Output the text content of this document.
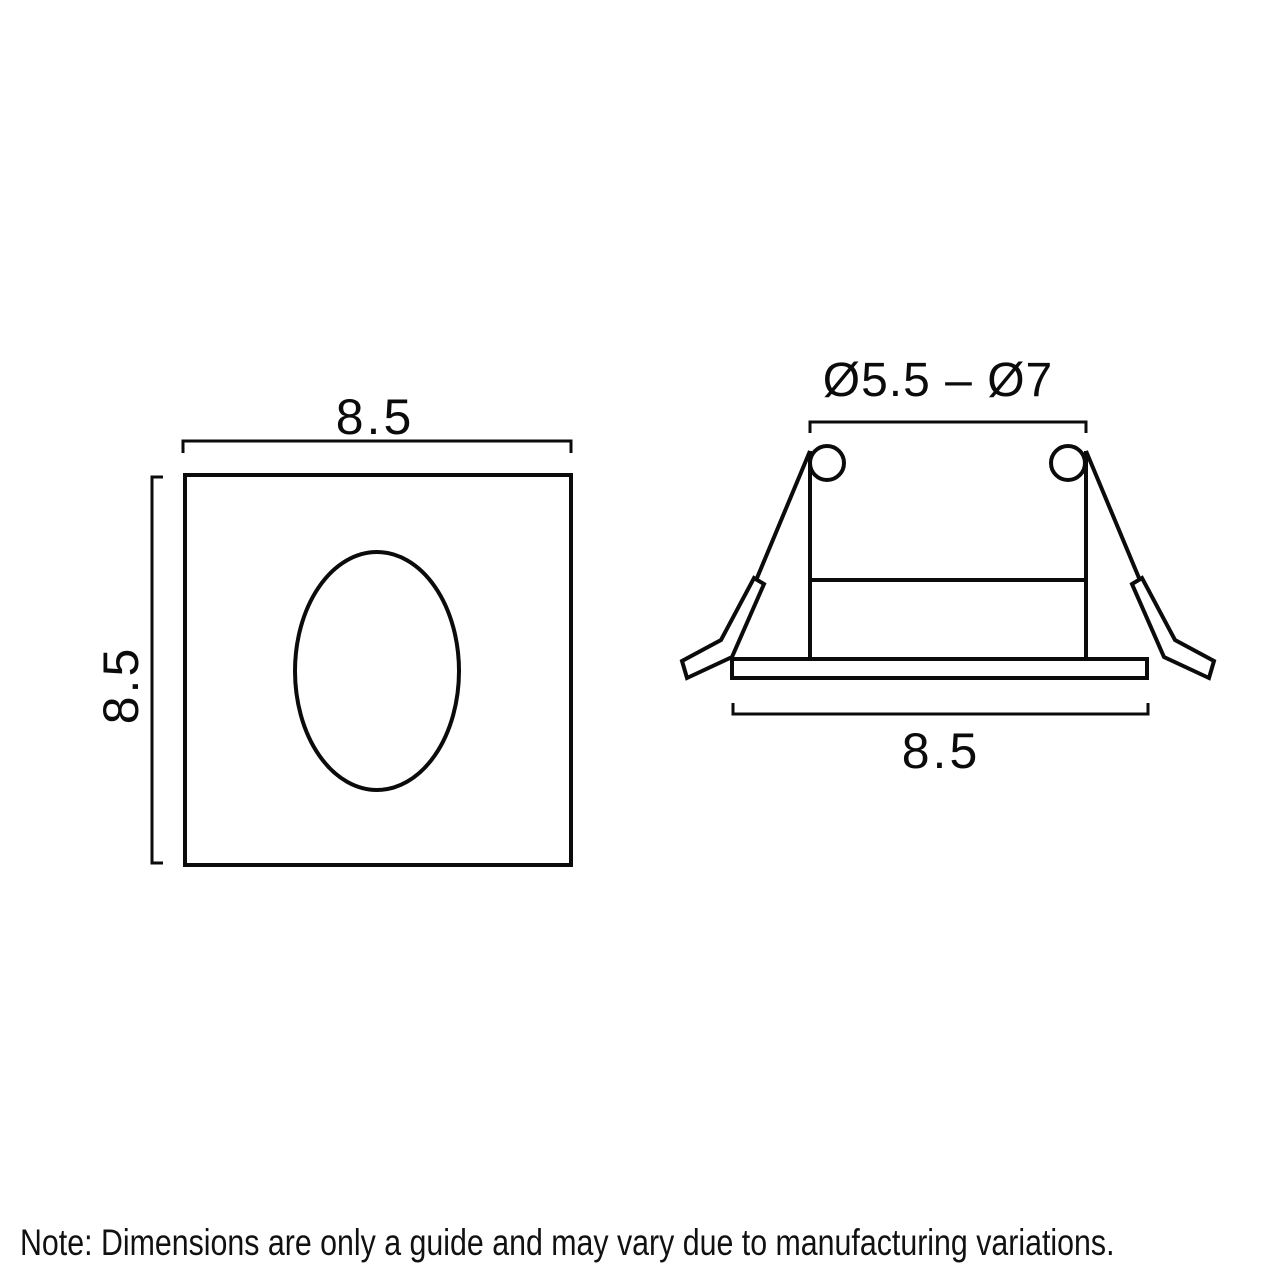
8.5
8.5
Ø5.5 – Ø7
8.5
Note: Dimensions are only a guide and may vary due to manufacturing variations.
